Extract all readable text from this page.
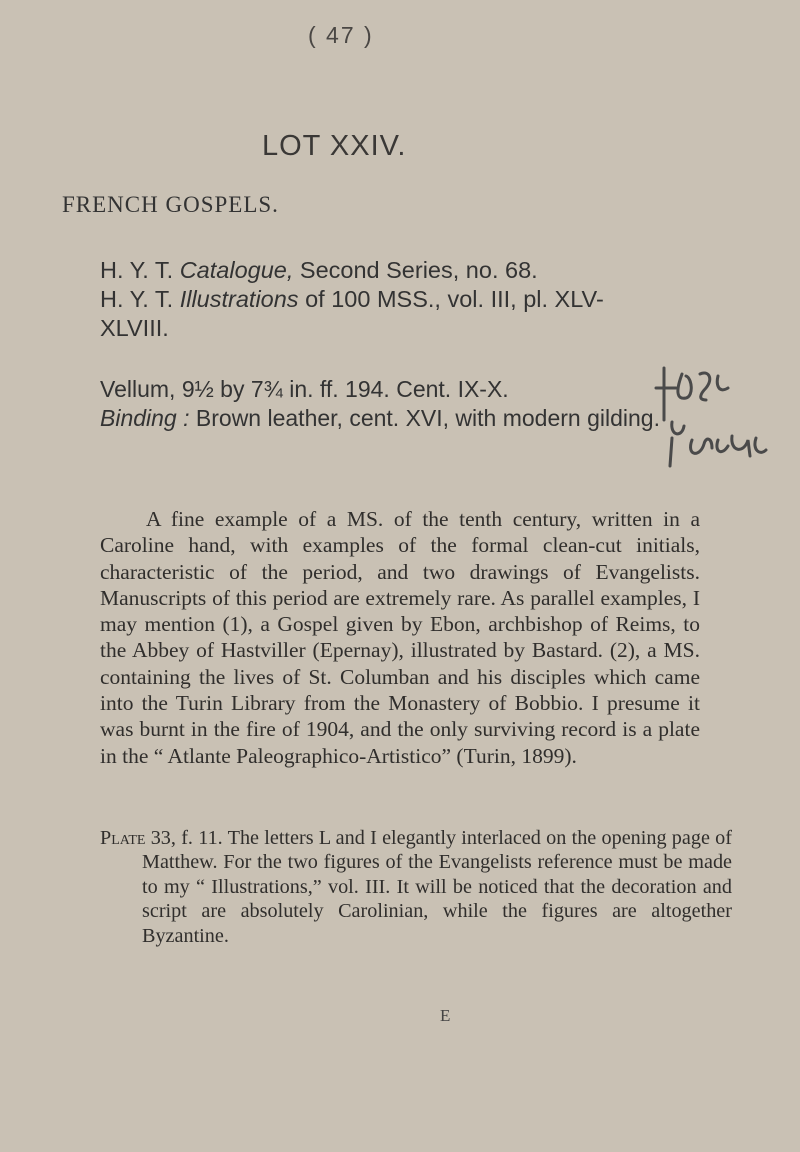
( 47 )
LOT XXIV.
FRENCH GOSPELS.
H. Y. T. Catalogue, Second Series, no. 68.
H. Y. T. Illustrations of 100 MSS., vol. III, pl. XLV-XLVIII.
Vellum, 9½ by 7¾ in. ff. 194. Cent. IX-X.
Binding : Brown leather, cent. XVI, with modern gilding.

A fine example of a MS. of the tenth century, written in a Caroline hand, with examples of the formal clean-cut initials, characteristic of the period, and two drawings of Evangelists. Manuscripts of this period are extremely rare. As parallel examples, I may mention (1), a Gospel given by Ebon, archbishop of Reims, to the Abbey of Hastviller (Epernay), illustrated by Bastard. (2), a MS. containing the lives of St. Columban and his disciples which came into the Turin Library from the Monastery of Bobbio. I presume it was burnt in the fire of 1904, and the only surviving record is a plate in the “ Atlante Paleographico-Artistico” (Turin, 1899).

Plate 33, f. 11. The letters L and I elegantly interlaced on the opening page of Matthew. For the two figures of the Evangelists reference must be made to my “ Illustrations,” vol. III. It will be noticed that the decoration and script are absolutely Carolinian, while the figures are altogether Byzantine.

E
